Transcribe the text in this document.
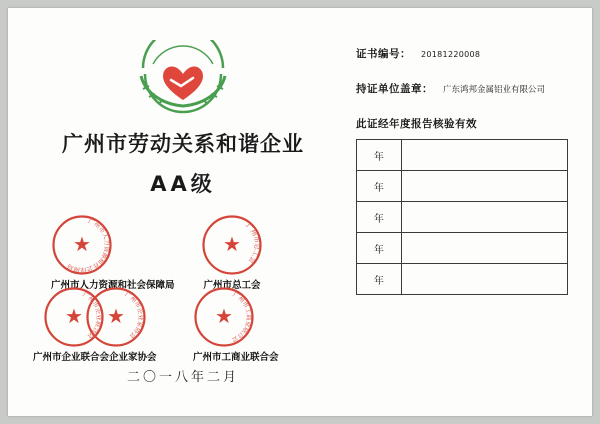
广州市劳动关系和谐企业
AA级
广州市人力资源和社会保障局
★
广州市人力资源和社会保障局
广州市总工会
★
广州市总工会
广州市企业联合会
★
广州市企业家协会
★
广州市企业联合会企业家协会
广州市工商业联合会
★
广州市工商业联合会
二〇一八年二月
证书编号： 20181220008
持证单位盖章： 广东鸿邦金属铝业有限公司
此证经年度报告核验有效
年	
年	
年	
年	
年	
